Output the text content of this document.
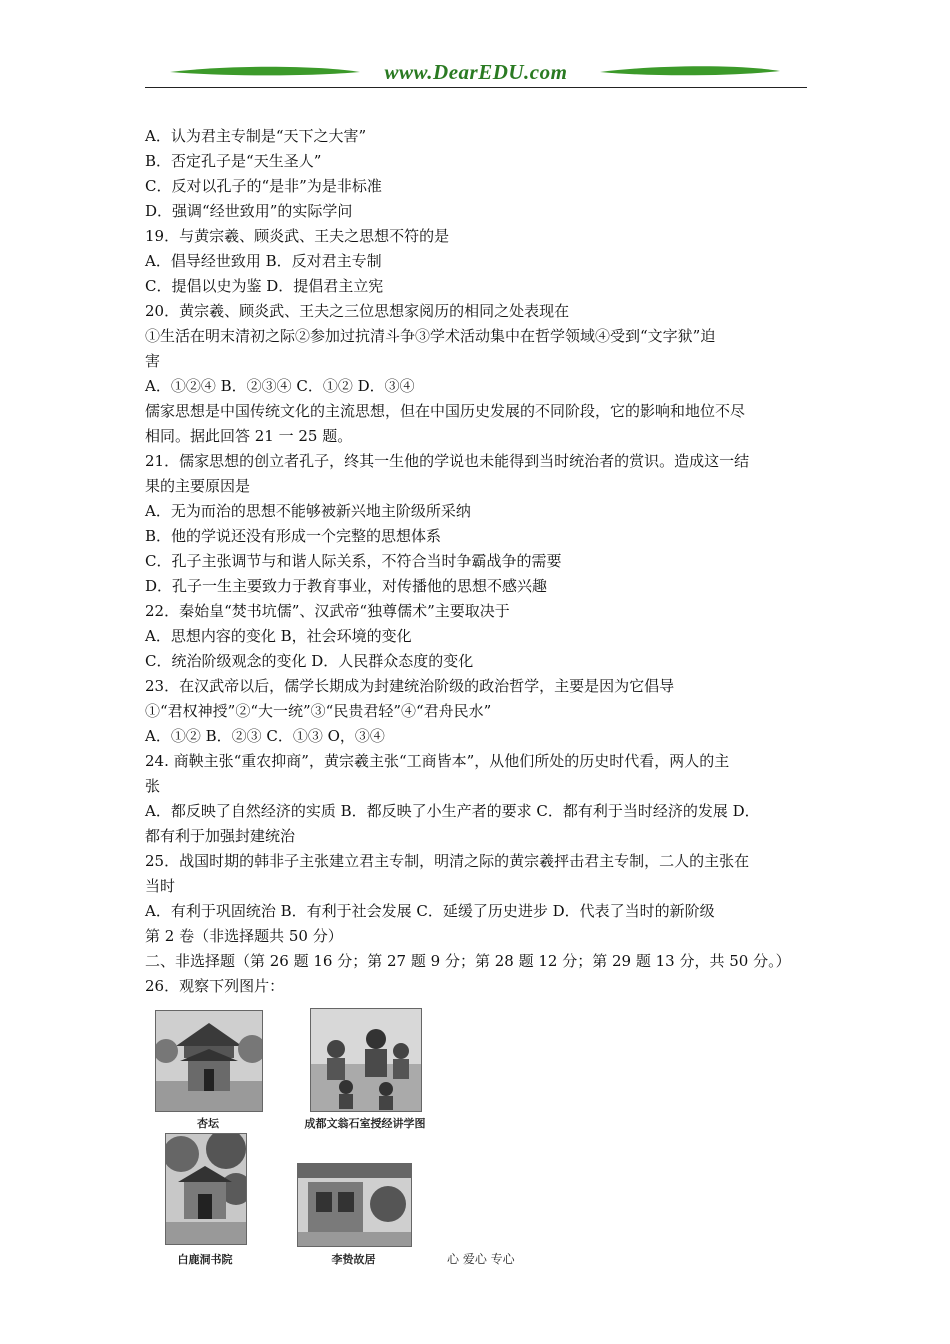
www.DearEDU.com
A．认为君主专制是“天下之大害”
B．否定孔子是“天生圣人”
C．反对以孔子的“是非”为是非标准
D．强调“经世致用”的实际学问
19．与黄宗羲、顾炎武、王夫之思想不符的是
A．倡导经世致用 B．反对君主专制
C．提倡以史为鉴 D．提倡君主立宪
20．黄宗羲、顾炎武、王夫之三位思想家阅历的相同之处表现在
①生活在明末清初之际②参加过抗清斗争③学术活动集中在哲学领域④受到“文字狱”迫
害
A．①②④ B．②③④ C．①② D．③④
儒家思想是中国传统文化的主流思想，但在中国历史发展的不同阶段，它的影响和地位不尽
相同。据此回答 21 一 25 题。
21．儒家思想的创立者孔子，终其一生他的学说也未能得到当时统治者的赏识。造成这一结
果的主要原因是
A．无为而治的思想不能够被新兴地主阶级所采纳
B．他的学说还没有形成一个完整的思想体系
C．孔子主张调节与和谐人际关系，不符合当时争霸战争的需要
D．孔子一生主要致力于教育事业，对传播他的思想不感兴趣
22．秦始皇“焚书坑儒”、汉武帝“独尊儒术”主要取决于
A．思想内容的变化 B，社会环境的变化
C．统治阶级观念的变化 D．人民群众态度的变化
23．在汉武帝以后，儒学长期成为封建统治阶级的政治哲学，主要是因为它倡导
①“君权神授”②“大一统”③“民贵君轻”④“君舟民水”
A．①② B．②③ C．①③ O，③④
24. 商鞅主张“重农抑商”，黄宗羲主张“工商皆本”，从他们所处的历史时代看，两人的主
张
A．都反映了自然经济的实质 B．都反映了小生产者的要求 C．都有利于当时经济的发展 D．
都有利于加强封建统治
25．战国时期的韩非子主张建立君主专制，明清之际的黄宗羲抨击君主专制，二人的主张在
当时
A．有利于巩固统治 B．有利于社会发展 C．延缓了历史进步 D．代表了当时的新阶级
第 2 卷（非选择题共 50 分）
二、非选择题（第 26 题 16 分；第 27 题 9 分；第 28 题 12 分；第 29 题 13 分，共 50 分。）
26．观察下列图片：
杏坛	成都文翁石室授经讲学图
白鹿洞书院	李贽故居	心 爱心 专心
